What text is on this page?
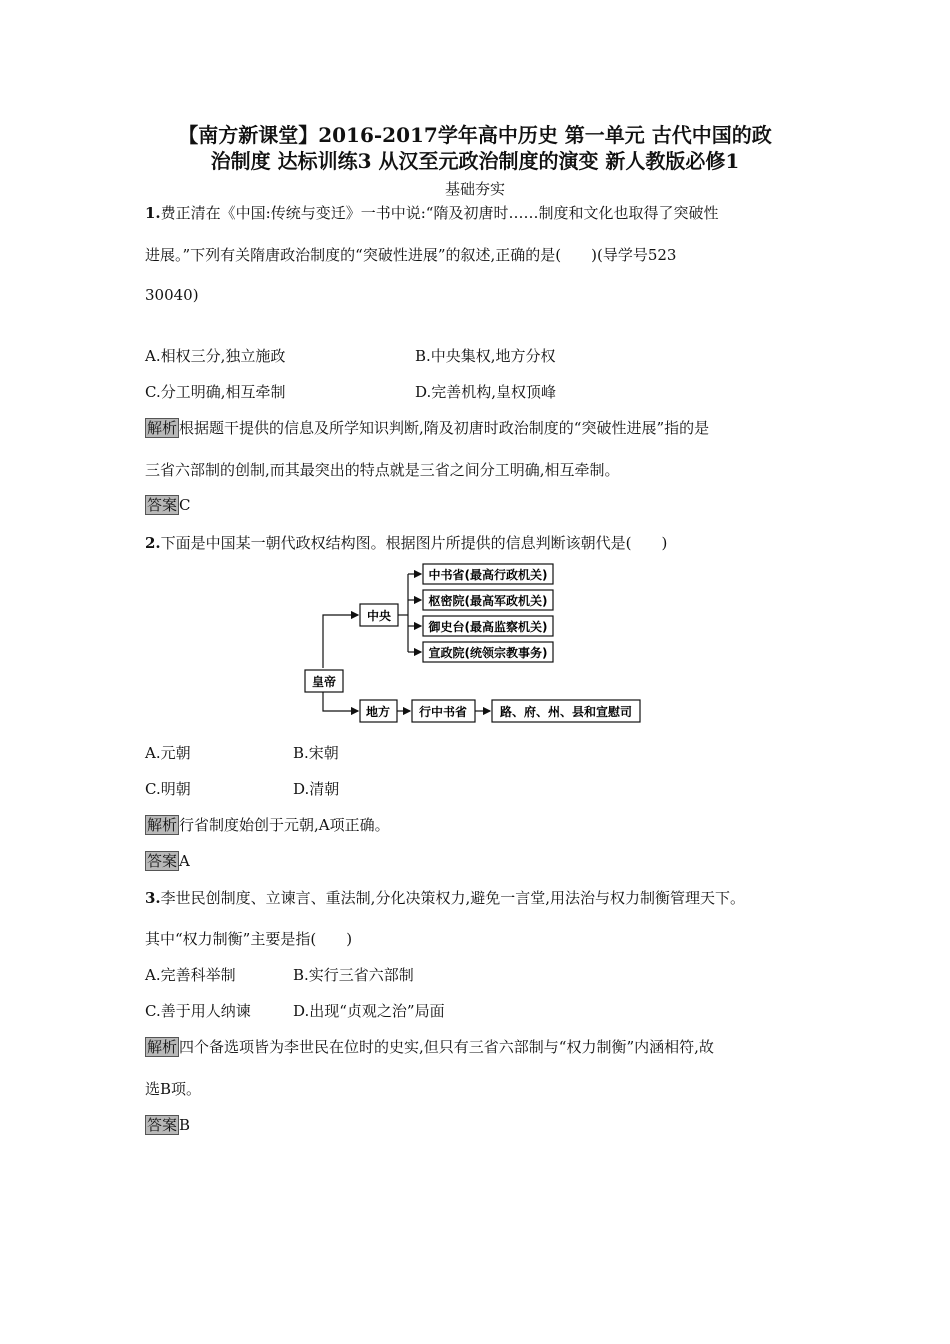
【南方新课堂】2016-2017学年高中历史 第一单元 古代中国的政
治制度 达标训练3 从汉至元政治制度的演变 新人教版必修1
基础夯实
1.费正清在《中国:传统与变迁》一书中说:“隋及初唐时……制度和文化也取得了突破性
进展。”下列有关隋唐政治制度的“突破性进展”的叙述,正确的是(　　)(导学号523
30040)
A.相权三分,独立施政	B.中央集权,地方分权
C.分工明确,相互牵制	D.完善机构,皇权顶峰
解析 根据题干提供的信息及所学知识判断,隋及初唐时政治制度的“突破性进展”指的是
三省六部制的创制,而其最突出的特点就是三省之间分工明确,相互牵制。
答案 C
2.下面是中国某一朝代政权结构图。根据图片所提供的信息判断该朝代是(　　)
皇帝
中央
地方
中书省(最高行政机关)
枢密院(最高军政机关)
御史台(最高监察机关)
宣政院(统领宗教事务)
行中书省	路、府、州、县和宣慰司
A.元朝	B.宋朝
C.明朝	D.清朝
解析 行省制度始创于元朝,A项正确。
答案 A
3.李世民创制度、立谏言、重法制,分化决策权力,避免一言堂,用法治与权力制衡管理天下。
其中“权力制衡”主要是指(　　)
A.完善科举制	B.实行三省六部制
C.善于用人纳谏	D.出现“贞观之治”局面
解析 四个备选项皆为李世民在位时的史实,但只有三省六部制与“权力制衡”内涵相符,故
选B项。
答案 B
